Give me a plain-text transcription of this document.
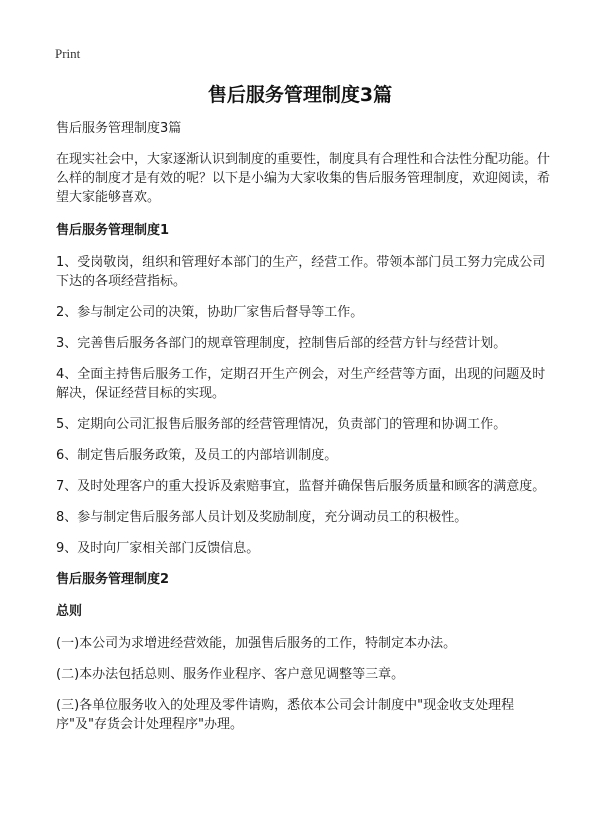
Print
售后服务管理制度3篇

售后服务管理制度3篇

在现实社会中，大家逐渐认识到制度的重要性，制度具有合理性和合法性分配功能。什么样的制度才是有效的呢？以下是小编为大家收集的售后服务管理制度，欢迎阅读，希望大家能够喜欢。

售后服务管理制度1

1、受岗敬岗，组织和管理好本部门的生产，经营工作。带领本部门员工努力完成公司下达的各项经营指标。

2、参与制定公司的决策，协助厂家售后督导等工作。

3、完善售后服务各部门的规章管理制度，控制售后部的经营方针与经营计划。

4、全面主持售后服务工作，定期召开生产例会，对生产经营等方面，出现的问题及时解决，保证经营目标的实现。

5、定期向公司汇报售后服务部的经营管理情况，负责部门的管理和协调工作。

6、制定售后服务政策，及员工的内部培训制度。

7、及时处理客户的重大投诉及索赔事宜，监督并确保售后服务质量和顾客的满意度。

8、参与制定售后服务部人员计划及奖励制度，充分调动员工的积极性。

9、及时向厂家相关部门反馈信息。

售后服务管理制度2
总则

(一)本公司为求增进经营效能，加强售后服务的工作，特制定本办法。

(二)本办法包括总则、服务作业程序、客户意见调整等三章。

(三)各单位服务收入的处理及零件请购，悉依本公司会计制度中"现金收支处理程序"及"存货会计处理程序"办理。
